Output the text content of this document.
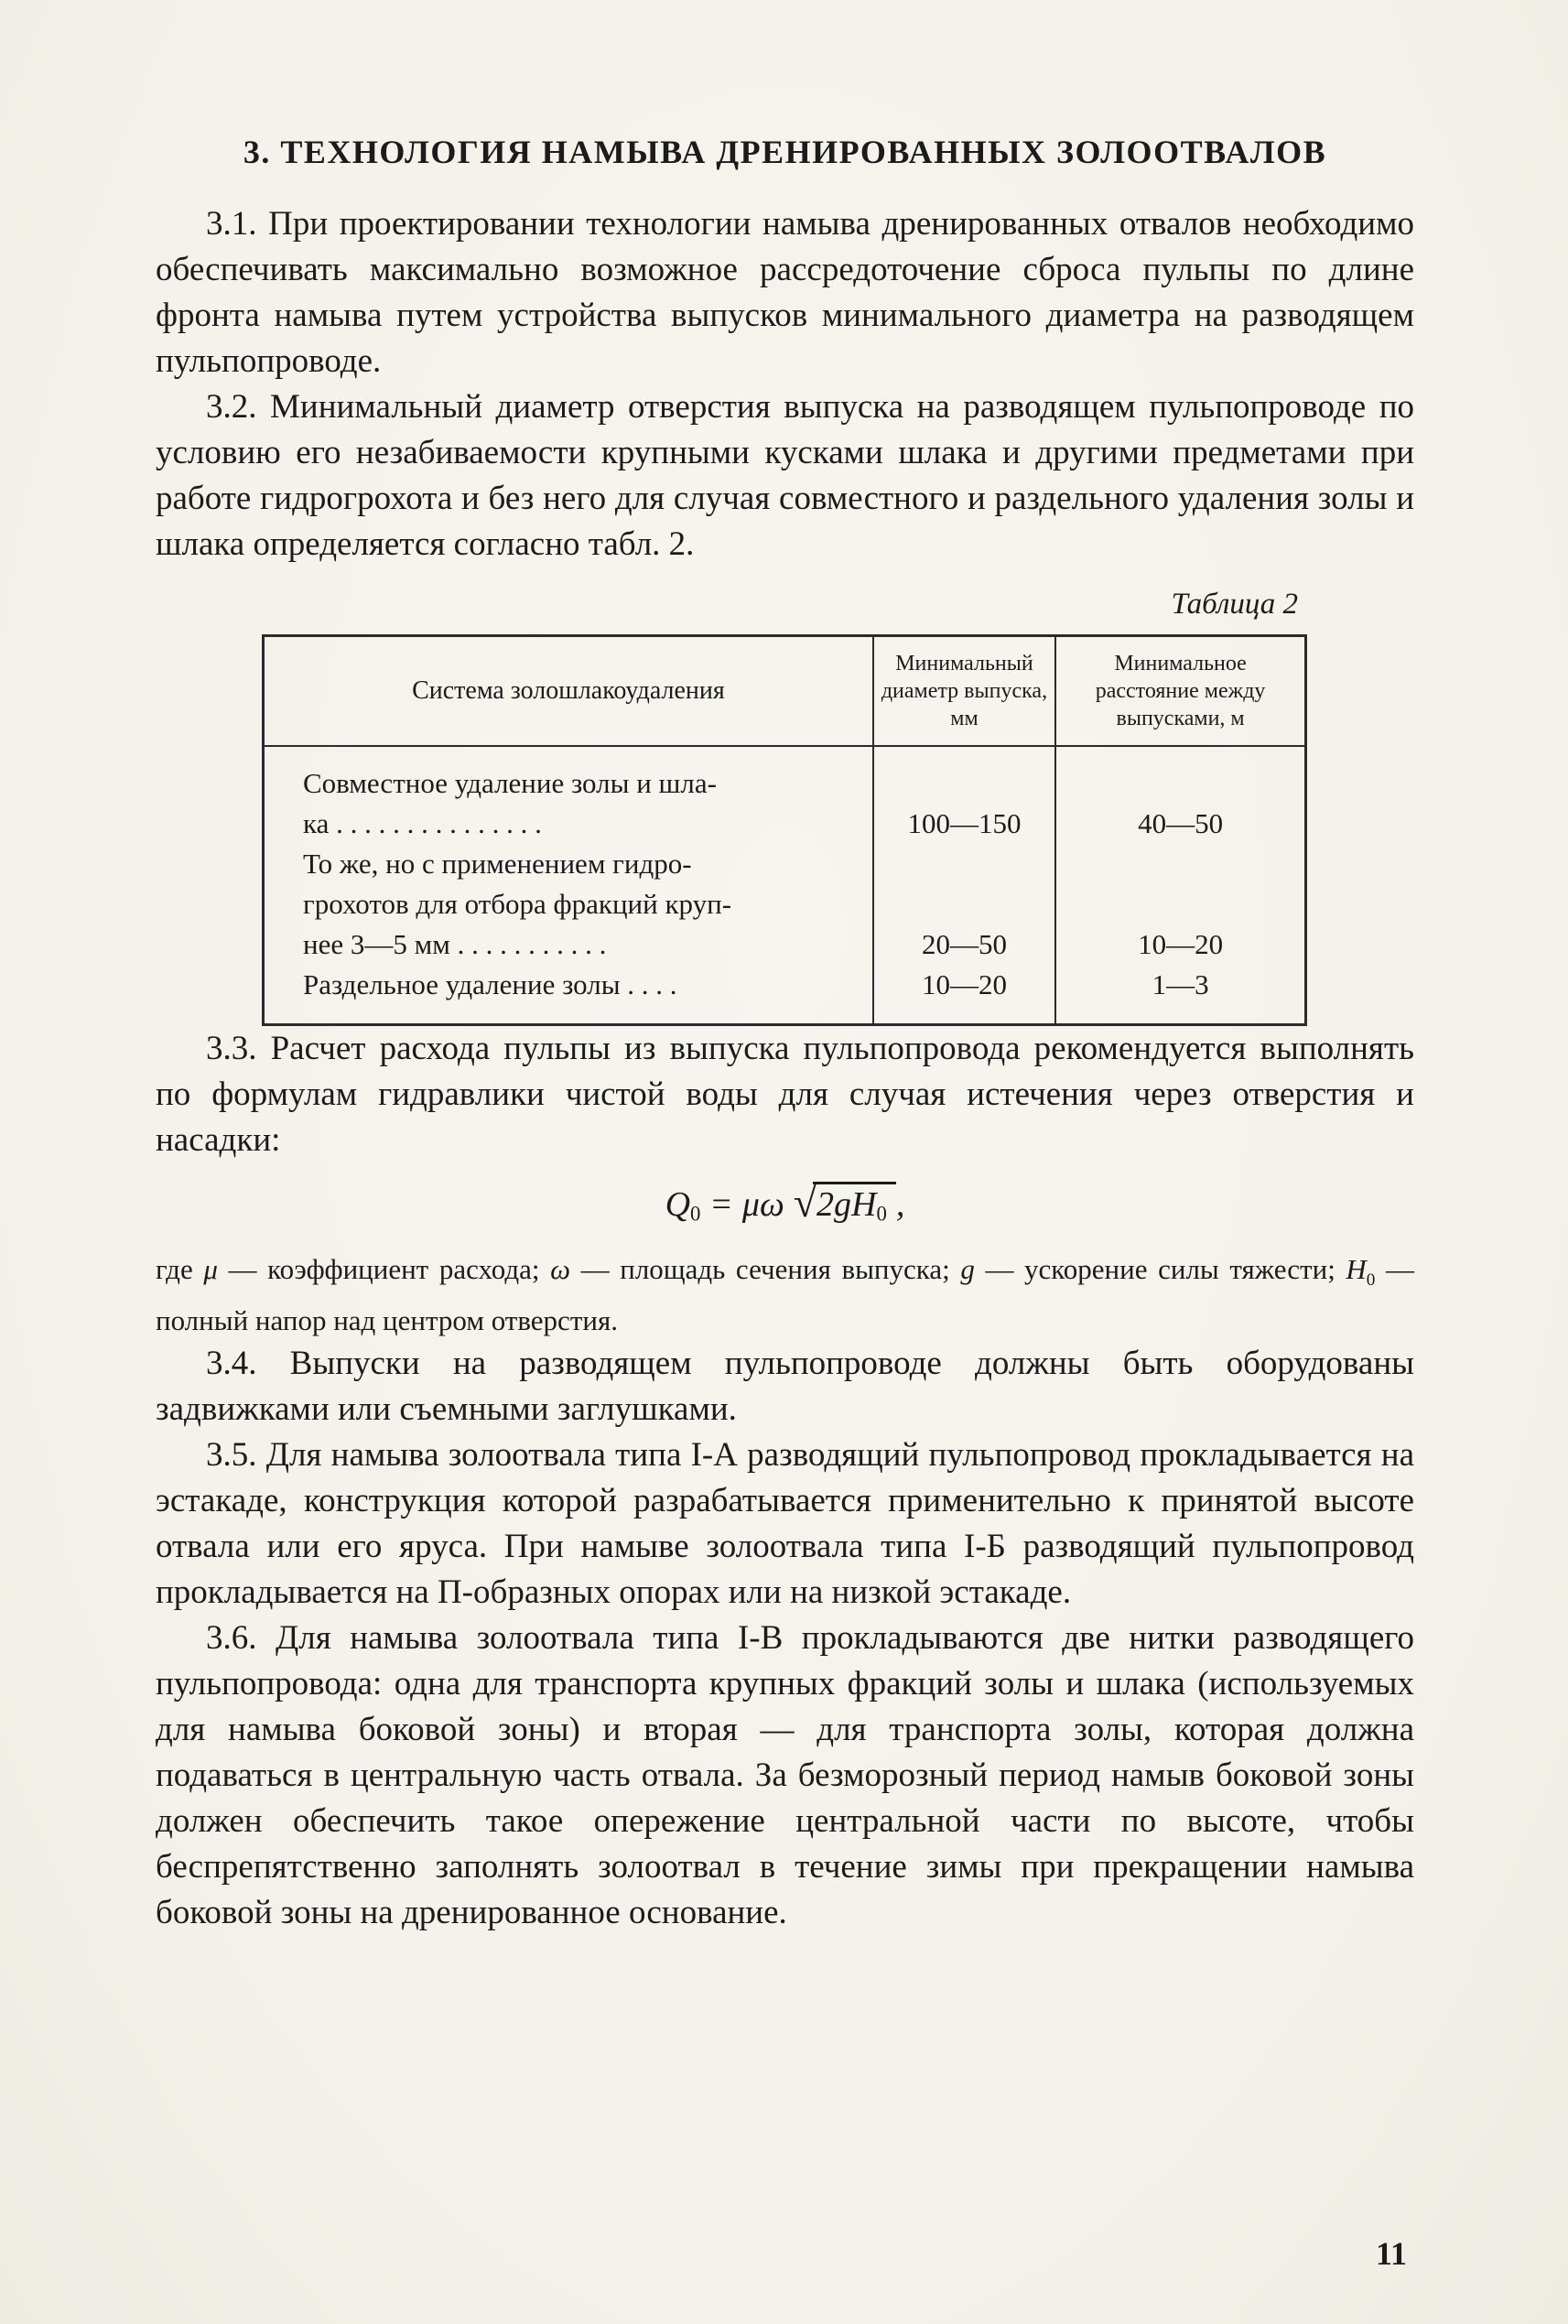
3. ТЕХНОЛОГИЯ НАМЫВА ДРЕНИРОВАННЫХ ЗОЛООТВАЛОВ

3.1. При проектировании технологии намыва дренированных отвалов необходимо обеспечивать максимально возможное рассредоточение сброса пульпы по длине фронта намыва путем устройства выпусков минимального диаметра на разводящем пульпопроводе.

3.2. Минимальный диаметр отверстия выпуска на разводящем пульпопроводе по условию его незабиваемости крупными кусками шлака и другими предметами при работе гидрогрохота и без него для случая совместного и раздельного удаления золы и шлака определяется согласно табл. 2.

Таблица 2
Система золошлакоудаления	Минимальный диаметр выпуска, мм	Минимальное расстояние между выпусками, м
Совместное удаление золы и шла-		
ка . . . . . . . . . . . . . . .	100—150	40—50
То же, но с применением гидро-		
грохотов для отбора фракций круп-		
нее 3—5 мм . . . . . . . . . . .	20—50	10—20
Раздельное удаление золы . . . .	10—20	1—3

3.3. Расчет расхода пульпы из выпуска пульпопровода рекомендуется выполнять по формулам гидравлики чистой воды для случая истечения через отверстия и насадки:

$Q_0 = \mu\omega$ $√2gH_0$ ,

где μ — коэффициент расхода; ω — площадь сечения выпуска; g — ускорение силы тяжести; $Н_0$ — полный напор над центром отверстия.

3.4. Выпуски на разводящем пульпопроводе должны быть оборудованы задвижками или съемными заглушками.

3.5. Для намыва золоотвала типа I-А разводящий пульпопровод прокладывается на эстакаде, конструкция которой разрабатывается применительно к принятой высоте отвала или его яруса. При намыве золоотвала типа I-Б разводящий пульпопровод прокладывается на П-образных опорах или на низкой эстакаде.

3.6. Для намыва золоотвала типа I-В прокладываются две нитки разводящего пульпопровода: одна для транспорта крупных фракций золы и шлака (используемых для намыва боковой зоны) и вторая — для транспорта золы, которая должна подаваться в центральную часть отвала. За безморозный период намыв боковой зоны должен обеспечить такое опережение центральной части по высоте, чтобы беспрепятственно заполнять золоотвал в течение зимы при прекращении намыва боковой зоны на дренированное основание.

11
